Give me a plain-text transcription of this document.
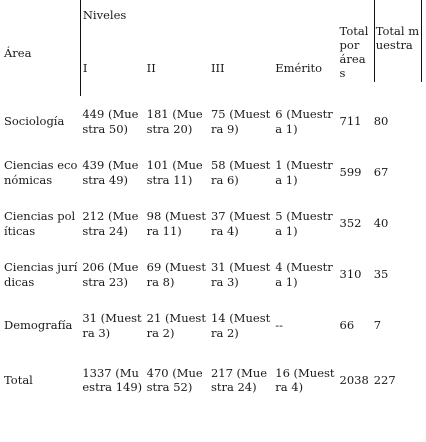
Área	Niveles				Total por áreas	Total muestra

	I	II	III	Emérito		
Sociología	449 (Muestra 50)	181 (Muestra 20)	75 (Muestra 9)	6 (Muestra 1)	711	80
Ciencias económicas	439 (Muestra 49)	101 (Muestra 11)	58 (Muestra 6)	1 (Muestra 1)	599	67
Ciencias políticas	212 (Muestra 24)	98 (Muestra 11)	37 (Muestra 4)	5 (Muestra 1)	352	40
Ciencias jurídicas	206 (Muestra 23)	69 (Muestra 8)	31 (Muestra 3)	4 (Muestra 1)	310	35
Demografía	31 (Muestra 3)	21 (Muestra 2)	14 (Muestra 2)	--	66	7
Total	1337 (Muestra 149)	470 (Muestra 52)	217 (Muestra 24)	16 (Muestra 4)	2038	227
